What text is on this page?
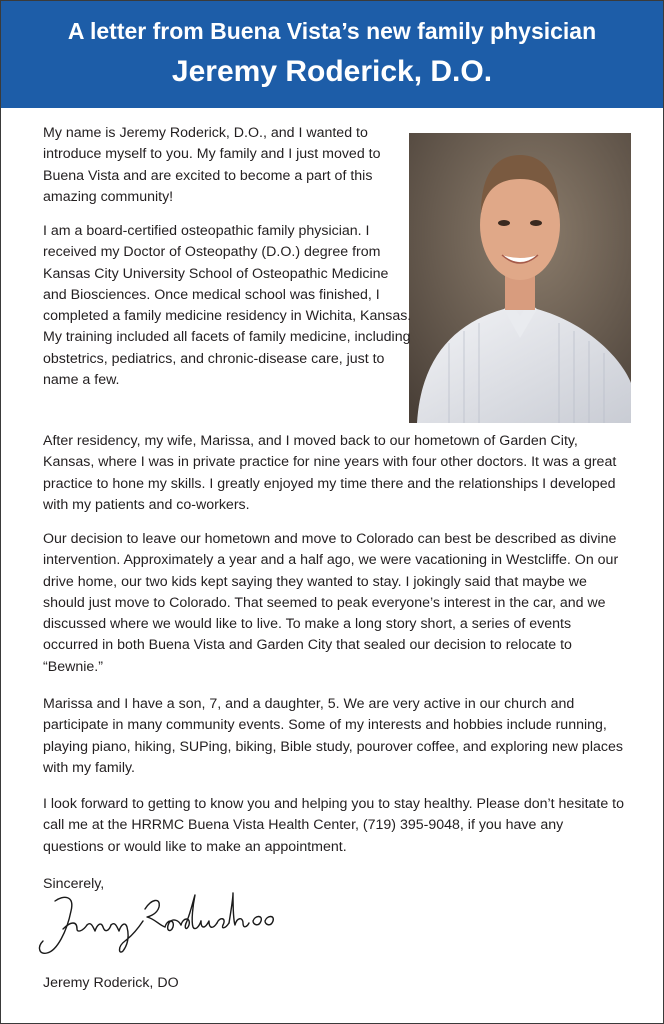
A letter from Buena Vista’s new family physician
Jeremy Roderick, D.O.

My name is Jeremy Roderick, D.O., and I wanted to introduce myself to you. My family and I just moved to Buena Vista and are excited to become a part of this amazing community!

I am a board-certified osteopathic family physician. I received my Doctor of Osteopathy (D.O.) degree from Kansas City University School of Osteopathic Medicine and Biosciences. Once medical school was finished, I completed a family medicine residency in Wichita, Kansas. My training included all facets of family medicine, including obstetrics, pediatrics, and chronic-disease care, just to name a few.

After residency, my wife, Marissa, and I moved back to our hometown of Garden City, Kansas, where I was in private practice for nine years with four other doctors. It was a great practice to hone my skills. I greatly enjoyed my time there and the relationships I developed with my patients and co-workers.

Our decision to leave our hometown and move to Colorado can best be described as divine intervention. Approximately a year and a half ago, we were vacationing in Westcliffe. On our drive home, our two kids kept saying they wanted to stay. I jokingly said that maybe we should just move to Colorado. That seemed to peak everyone’s interest in the car, and we discussed where we would like to live. To make a long story short, a series of events occurred in both Buena Vista and Garden City that sealed our decision to relocate to “Bewnie.”

Marissa and I have a son, 7, and a daughter, 5. We are very active in our church and participate in many community events. Some of my interests and hobbies include running, playing piano, hiking, SUPing, biking, Bible study, pourover coffee, and exploring new places with my family.

I look forward to getting to know you and helping you to stay healthy. Please don’t hesitate to call me at the HRRMC Buena Vista Health Center, (719) 395-9048, if you have any questions or would like to make an appointment.

Sincerely,
Jeremy Roderick, DO
